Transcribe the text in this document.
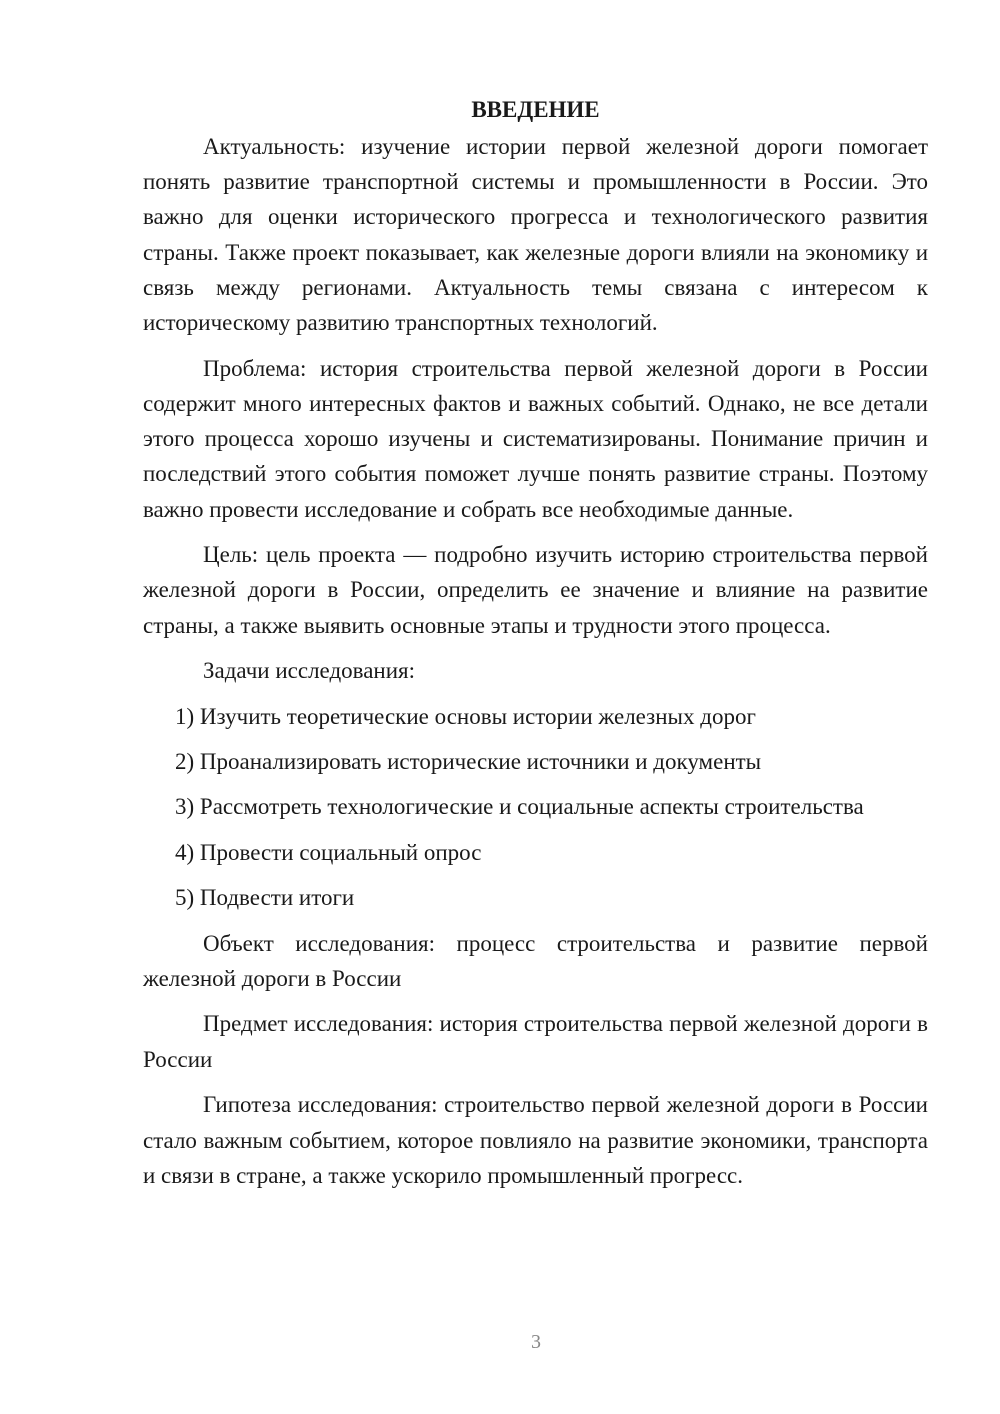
ВВЕДЕНИЕ

Актуальность: изучение истории первой железной дороги помогает понять развитие транспортной системы и промышленности в России. Это важно для оценки исторического прогресса и технологического развития страны. Также проект показывает, как железные дороги влияли на экономику и связь между регионами. Актуальность темы связана с интересом к историческому развитию транспортных технологий.

Проблема: история строительства первой железной дороги в России содержит много интересных фактов и важных событий. Однако, не все детали этого процесса хорошо изучены и систематизированы. Понимание причин и последствий этого события поможет лучше понять развитие страны. Поэтому важно провести исследование и собрать все необходимые данные.

Цель: цель проекта — подробно изучить историю строительства первой железной дороги в России, определить ее значение и влияние на развитие страны, а также выявить основные этапы и трудности этого процесса.

Задачи исследования:
1) Изучить теоретические основы истории железных дорог
2) Проанализировать исторические источники и документы
3) Рассмотреть технологические и социальные аспекты строительства
4) Провести социальный опрос
5) Подвести итоги

Объект исследования: процесс строительства и развитие первой железной дороги в России

Предмет исследования: история строительства первой железной дороги в России

Гипотеза исследования: строительство первой железной дороги в России стало важным событием, которое повлияло на развитие экономики, транспорта и связи в стране, а также ускорило промышленный прогресс.

3
